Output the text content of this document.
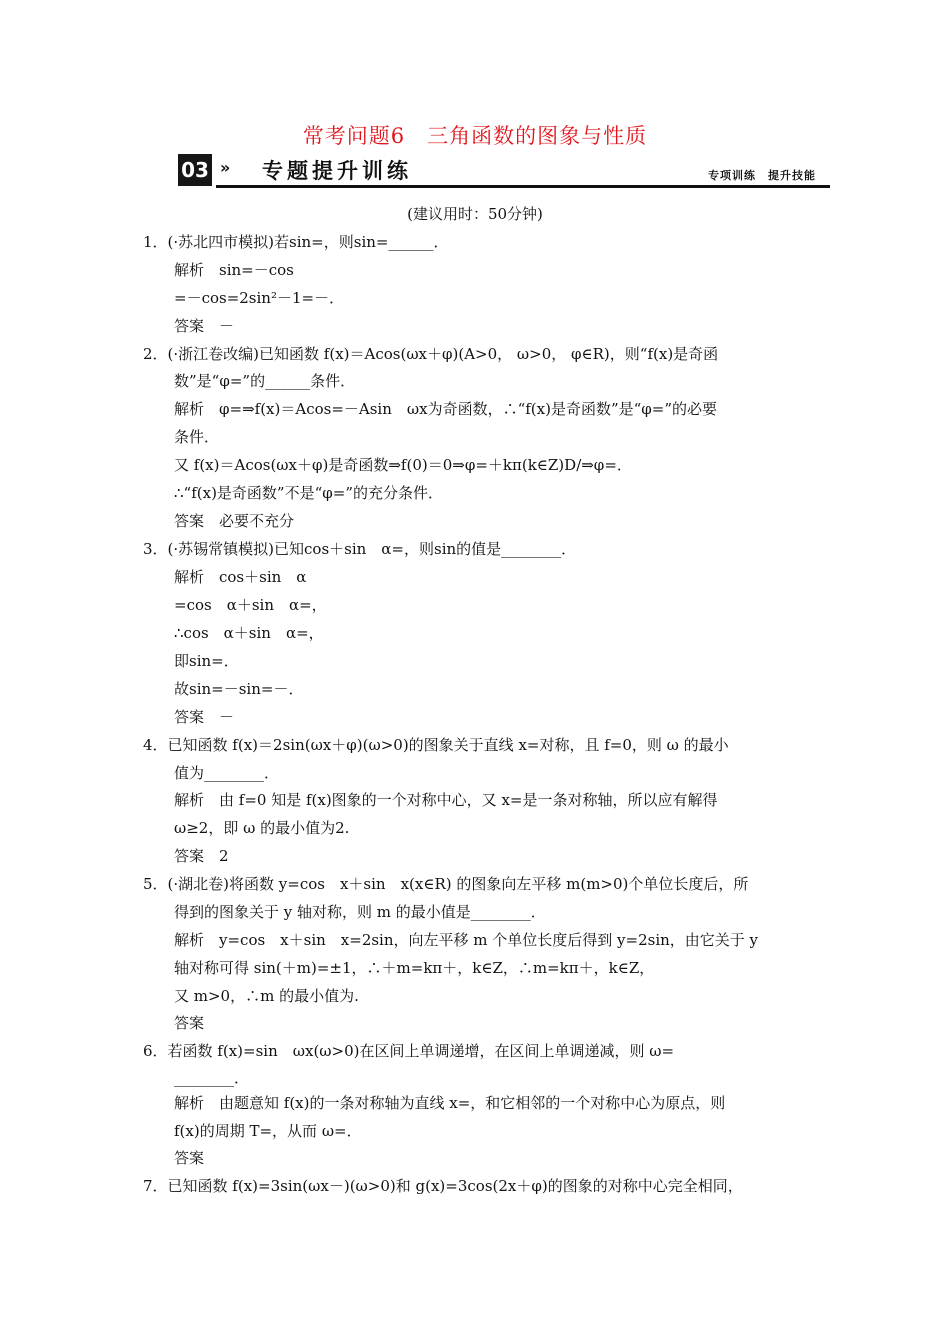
常考问题6　三角函数的图象与性质
03 » 专题提升训练	专项训练　提升技能
(建议用时：50分钟)
1．(·苏北四市模拟)若sin=，则sin=______．
解析　sin=－cos
=－cos=2sin²－1=－．
答案　－
2．(·浙江卷改编)已知函数 f(x)＝Acos(ωx＋φ)(A>0， ω>0， φ∈R)，则“f(x)是奇函
数”是“φ=”的______条件．
解析　φ=⇒f(x)＝Acos=－Asin　ωx为奇函数，∴“f(x)是奇函数”是“φ=”的必要
条件．
又 f(x)＝Acos(ωx＋φ)是奇函数⇒f(0)＝0⇒φ=＋kπ(k∈Z)D/⇒φ=．
∴“f(x)是奇函数”不是“φ=”的充分条件．
答案　必要不充分
3．(·苏锡常镇模拟)已知cos＋sin　α=，则sin的值是________．
解析　cos＋sin　α
=cos　α＋sin　α=，
∴cos　α＋sin　α=，
即sin=．
故sin=－sin=－．
答案　－
4．已知函数 f(x)＝2sin(ωx＋φ)(ω>0)的图象关于直线 x=对称，且 f=0，则 ω 的最小
值为________．
解析　由 f=0 知是 f(x)图象的一个对称中心，又 x=是一条对称轴，所以应有解得
ω≥2，即 ω 的最小值为2.
答案　2
5．(·湖北卷)将函数 y=cos　x＋sin　x(x∈R) 的图象向左平移 m(m>0)个单位长度后，所
得到的图象关于 y 轴对称，则 m 的最小值是________．
解析　y=cos　x＋sin　x=2sin，向左平移 m 个单位长度后得到 y=2sin，由它关于 y
轴对称可得 sin(＋m)=±1，∴＋m=kπ＋，k∈Z，∴m=kπ＋，k∈Z，
又 m>0，∴m 的最小值为.
答案
6．若函数 f(x)=sin　ωx(ω>0)在区间上单调递增，在区间上单调递减，则 ω=
________．
解析　由题意知 f(x)的一条对称轴为直线 x=，和它相邻的一个对称中心为原点，则
f(x)的周期 T=，从而 ω=．
答案
7．已知函数 f(x)=3sin(ωx－)(ω>0)和 g(x)=3cos(2x＋φ)的图象的对称中心完全相同，
